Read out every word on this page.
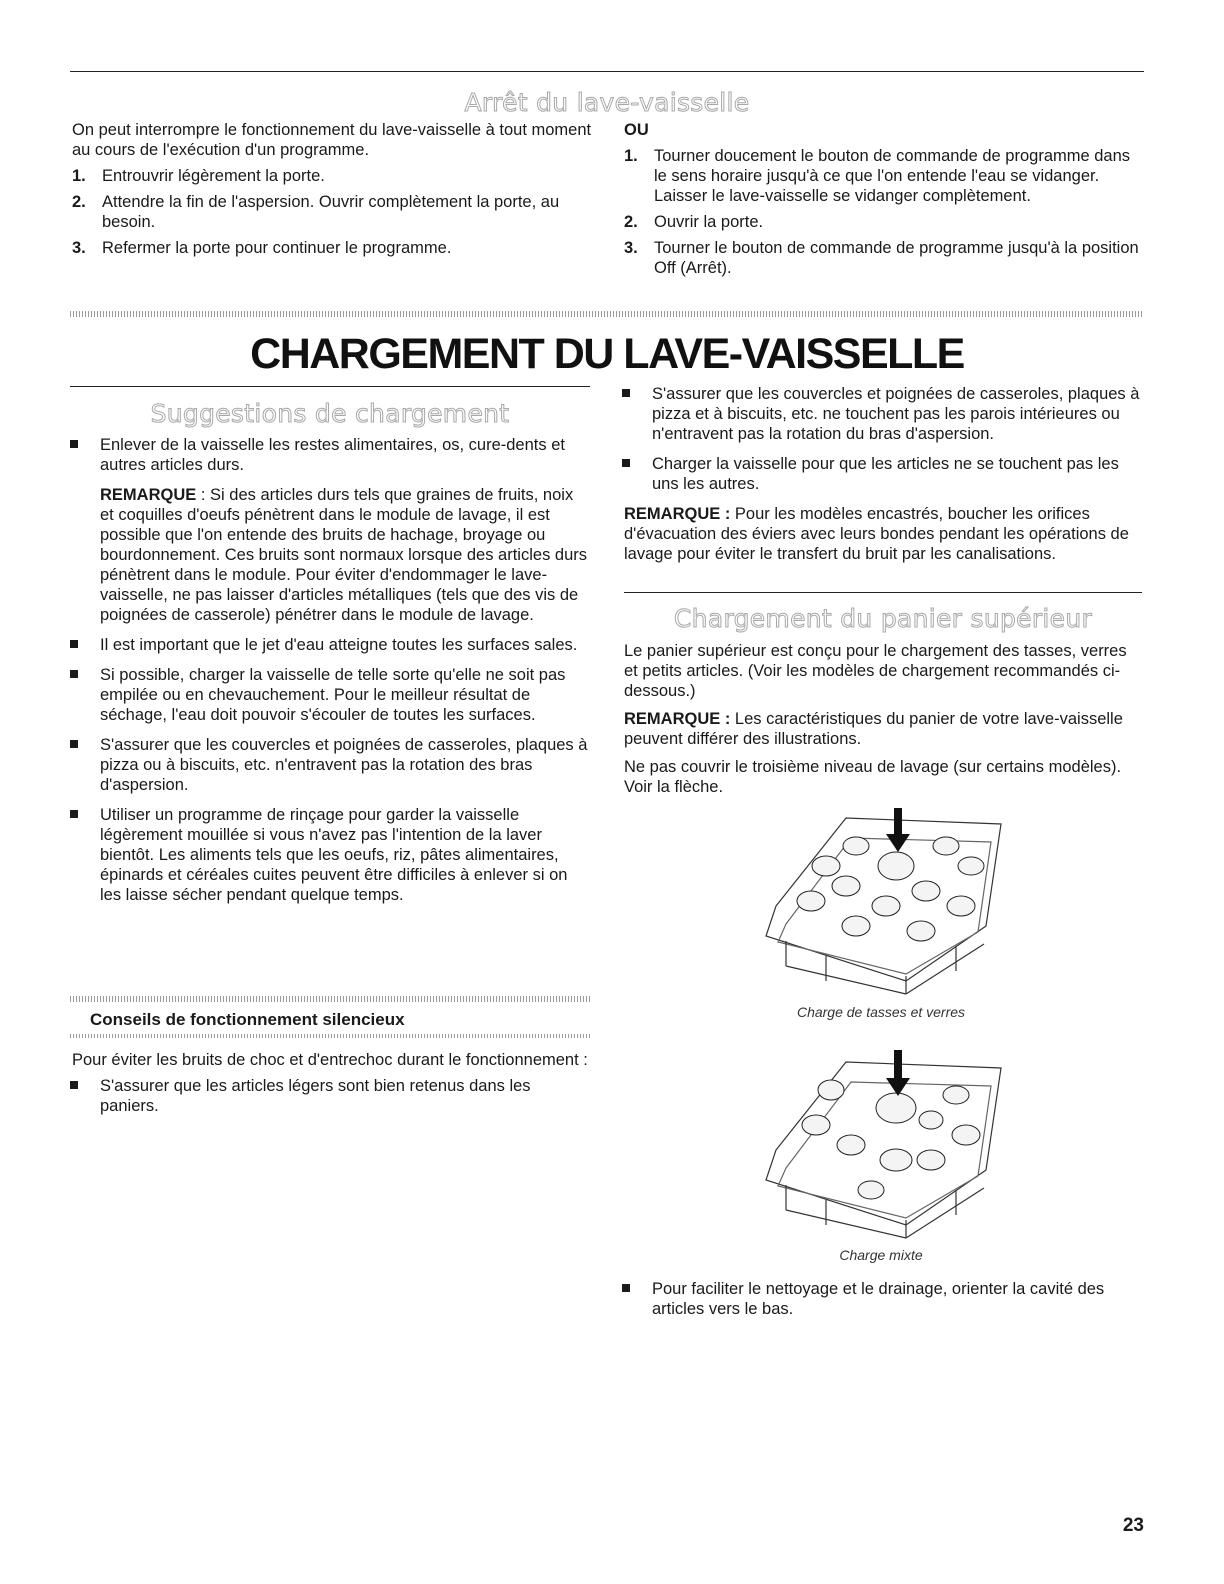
Arrêt du lave-vaisselle

On peut interrompre le fonctionnement du lave-vaisselle à tout moment au cours de l'exécution d'un programme.

1. Entrouvrir légèrement la porte.
2. Attendre la fin de l'aspersion. Ouvrir complètement la porte, au besoin.
3. Refermer la porte pour continuer le programme.

OU

1. Tourner doucement le bouton de commande de programme dans le sens horaire jusqu'à ce que l'on entende l'eau se vidanger. Laisser le lave-vaisselle se vidanger complètement.
2. Ouvrir la porte.
3. Tourner le bouton de commande de programme jusqu'à la position Off (Arrêt).
CHARGEMENT DU LAVE-VAISSELLE
Suggestions de chargement
Enlever de la vaisselle les restes alimentaires, os, cure-dents et autres articles durs.

REMARQUE : Si des articles durs tels que graines de fruits, noix et coquilles d'oeufs pénètrent dans le module de lavage, il est possible que l'on entende des bruits de hachage, broyage ou bourdonnement. Ces bruits sont normaux lorsque des articles durs pénètrent dans le module. Pour éviter d'endommager le lave-vaisselle, ne pas laisser d'articles métalliques (tels que des vis de poignées de casserole) pénétrer dans le module de lavage.

Il est important que le jet d'eau atteigne toutes les surfaces sales.
Si possible, charger la vaisselle de telle sorte qu'elle ne soit pas empilée ou en chevauchement. Pour le meilleur résultat de séchage, l'eau doit pouvoir s'écouler de toutes les surfaces.
S'assurer que les couvercles et poignées de casseroles, plaques à pizza ou à biscuits, etc. n'entravent pas la rotation des bras d'aspersion.
Utiliser un programme de rinçage pour garder la vaisselle légèrement mouillée si vous n'avez pas l'intention de la laver bientôt. Les aliments tels que les oeufs, riz, pâtes alimentaires, épinards et céréales cuites peuvent être difficiles à enlever si on les laisse sécher pendant quelque temps.
Conseils de fonctionnement silencieux

Pour éviter les bruits de choc et d'entrechoc durant le fonctionnement :

S'assurer que les articles légers sont bien retenus dans les paniers.
S'assurer que les couvercles et poignées de casseroles, plaques à pizza et à biscuits, etc. ne touchent pas les parois intérieures ou n'entravent pas la rotation du bras d'aspersion.
Charger la vaisselle pour que les articles ne se touchent pas les uns les autres.

REMARQUE : Pour les modèles encastrés, boucher les orifices d'évacuation des éviers avec leurs bondes pendant les opérations de lavage pour éviter le transfert du bruit par les canalisations.

Chargement du panier supérieur

Le panier supérieur est conçu pour le chargement des tasses, verres et petits articles. (Voir les modèles de chargement recommandés ci-dessous.)

REMARQUE : Les caractéristiques du panier de votre lave-vaisselle peuvent différer des illustrations.

Ne pas couvrir le troisième niveau de lavage (sur certains modèles). Voir la flèche.

Charge de tasses et verres
Charge mixte
Pour faciliter le nettoyage et le drainage, orienter la cavité des articles vers le bas.
23
